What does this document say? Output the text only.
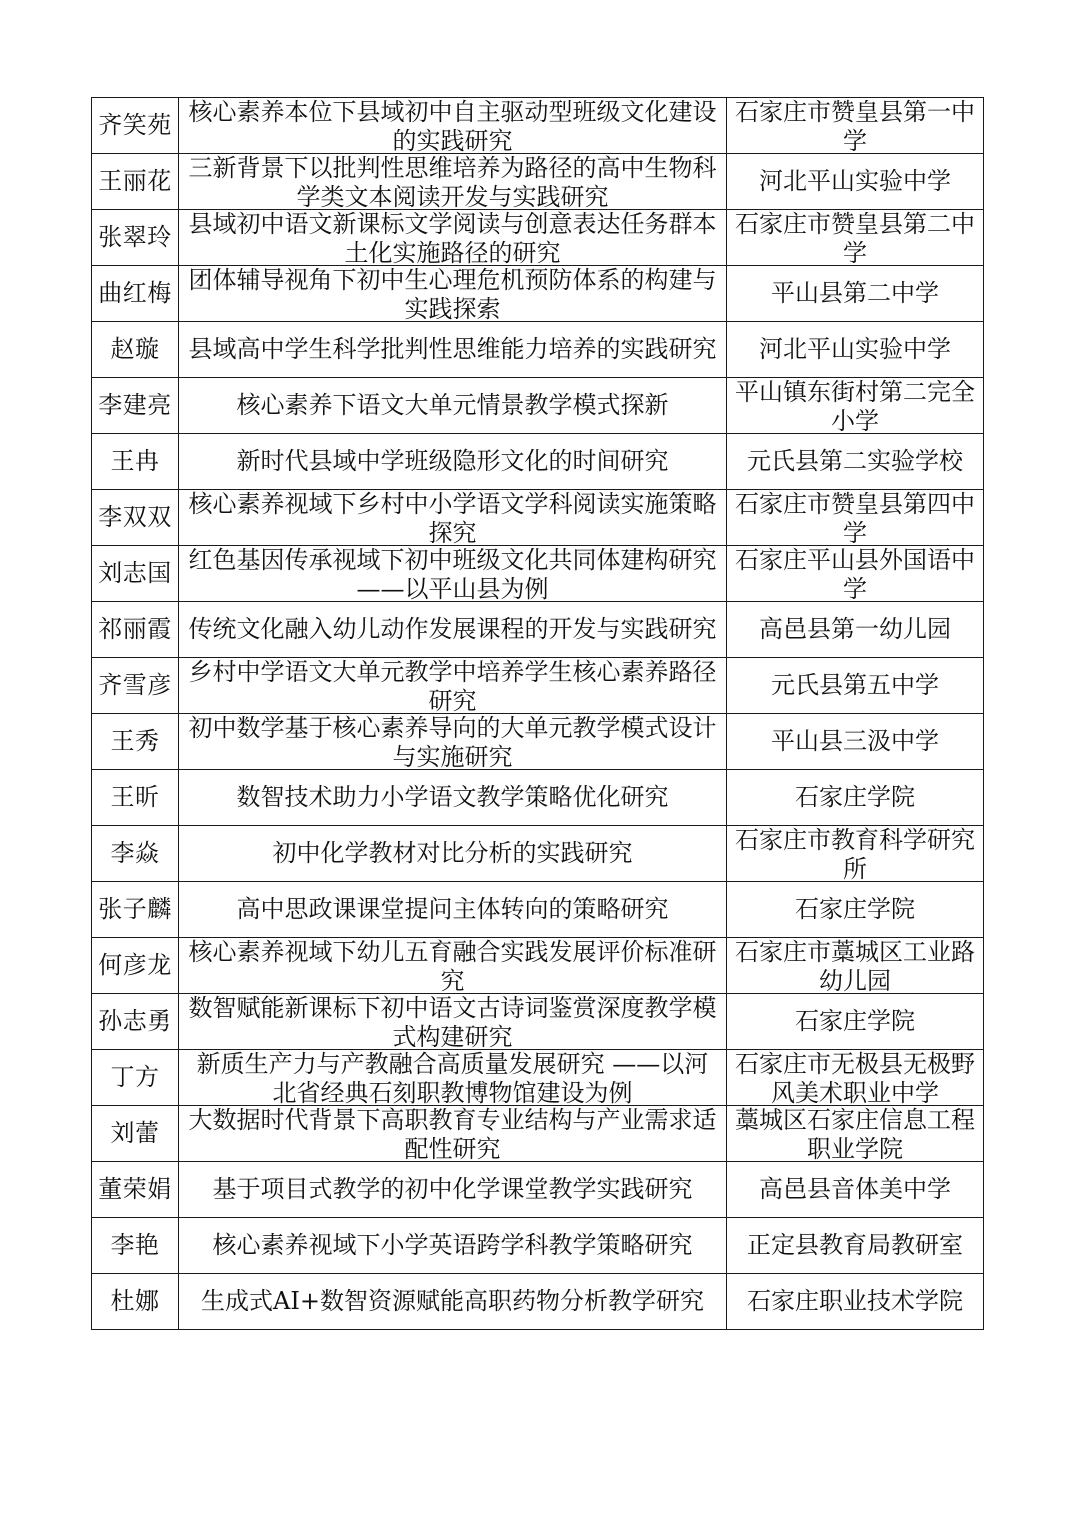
齐笑苑	核心素养本位下县域初中自主驱动型班级文化建设的实践研究	石家庄市赞皇县第一中学

王丽花	三新背景下以批判性思维培养为路径的高中生物科学类文本阅读开发与实践研究	河北平山实验中学

张翠玲	县域初中语文新课标文学阅读与创意表达任务群本土化实施路径的研究	石家庄市赞皇县第二中学

曲红梅	团体辅导视角下初中生心理危机预防体系的构建与实践探索	平山县第二中学

赵璇	县域高中学生科学批判性思维能力培养的实践研究	河北平山实验中学

李建亮	核心素养下语文大单元情景教学模式探新	平山镇东街村第二完全小学

王冉	新时代县域中学班级隐形文化的时间研究	元氏县第二实验学校

李双双	核心素养视域下乡村中小学语文学科阅读实施策略探究	石家庄市赞皇县第四中学

刘志国	红色基因传承视域下初中班级文化共同体建构研究——以平山县为例	石家庄平山县外国语中学

祁丽霞	传统文化融入幼儿动作发展课程的开发与实践研究	高邑县第一幼儿园

齐雪彦	乡村中学语文大单元教学中培养学生核心素养路径研究	元氏县第五中学

王秀	初中数学基于核心素养导向的大单元教学模式设计与实施研究	平山县三汲中学

王昕	数智技术助力小学语文教学策略优化研究	石家庄学院

李焱	初中化学教材对比分析的实践研究	石家庄市教育科学研究所

张子麟	高中思政课课堂提问主体转向的策略研究	石家庄学院

何彦龙	核心素养视域下幼儿五育融合实践发展评价标准研究	石家庄市藁城区工业路幼儿园

孙志勇	数智赋能新课标下初中语文古诗词鉴赏深度教学模式构建研究	石家庄学院

丁方	新质生产力与产教融合高质量发展研究 ——以河北省经典石刻职教博物馆建设为例	石家庄市无极县无极野风美术职业中学

刘蕾	大数据时代背景下高职教育专业结构与产业需求适配性研究	藁城区石家庄信息工程职业学院

董荣娟	基于项目式教学的初中化学课堂教学实践研究	高邑县音体美中学

李艳	核心素养视域下小学英语跨学科教学策略研究	正定县教育局教研室

杜娜	生成式AI+数智资源赋能高职药物分析教学研究	石家庄职业技术学院
